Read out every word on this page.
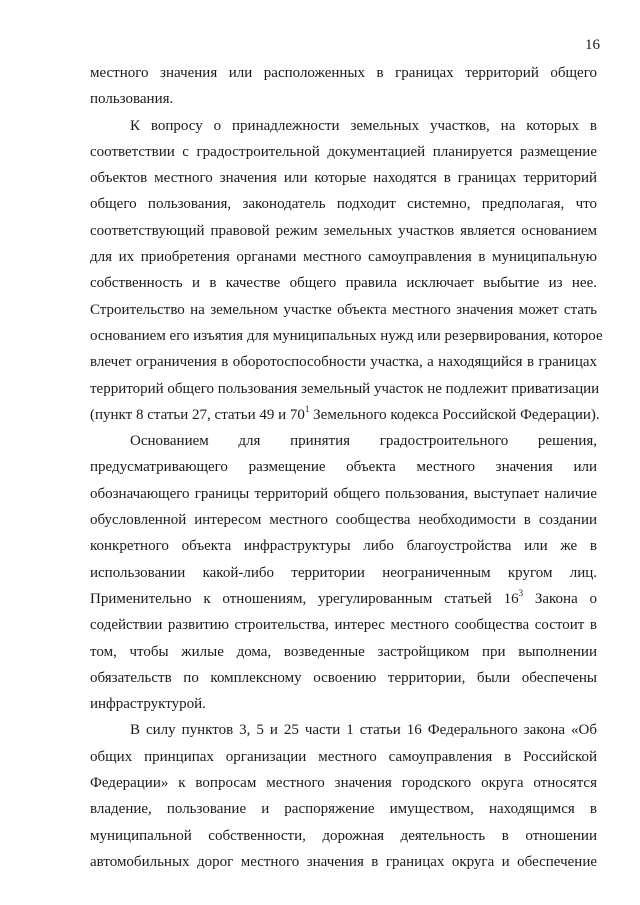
16
местного значения или расположенных в границах территорий общего
пользования.
К вопросу о принадлежности земельных участков, на которых в
соответствии с градостроительной документацией планируется размещение
объектов местного значения или которые находятся в границах территорий
общего пользования, законодатель подходит системно, предполагая, что
соответствующий правовой режим земельных участков является основанием
для их приобретения органами местного самоуправления в муниципальную
собственность и в качестве общего правила исключает выбытие из нее.
Строительство на земельном участке объекта местного значения может стать
основанием его изъятия для муниципальных нужд или резервирования, которое
влечет ограничения в оборотоспособности участка, а находящийся в границах
территорий общего пользования земельный участок не подлежит приватизации
(пункт 8 статьи 27, статьи 49 и $70^1$ Земельного кодекса Российской Федерации).
Основанием для принятия градостроительного решения,
предусматривающего размещение объекта местного значения или
обозначающего границы территорий общего пользования, выступает наличие
обусловленной интересом местного сообщества необходимости в создании
конкретного объекта инфраструктуры либо благоустройства или же в
использовании какой-либо территории неограниченным кругом лиц.
Применительно к отношениям, урегулированным статьей $16^3$ Закона о
содействии развитию строительства, интерес местного сообщества состоит в
том, чтобы жилые дома, возведенные застройщиком при выполнении
обязательств по комплексному освоению территории, были обеспечены
инфраструктурой.
В силу пунктов 3, 5 и 25 части 1 статьи 16 Федерального закона «Об
общих принципах организации местного самоуправления в Российской
Федерации» к вопросам местного значения городского округа относятся
владение, пользование и распоряжение имуществом, находящимся в
муниципальной собственности, дорожная деятельность в отношении
автомобильных дорог местного значения в границах округа и обеспечение
